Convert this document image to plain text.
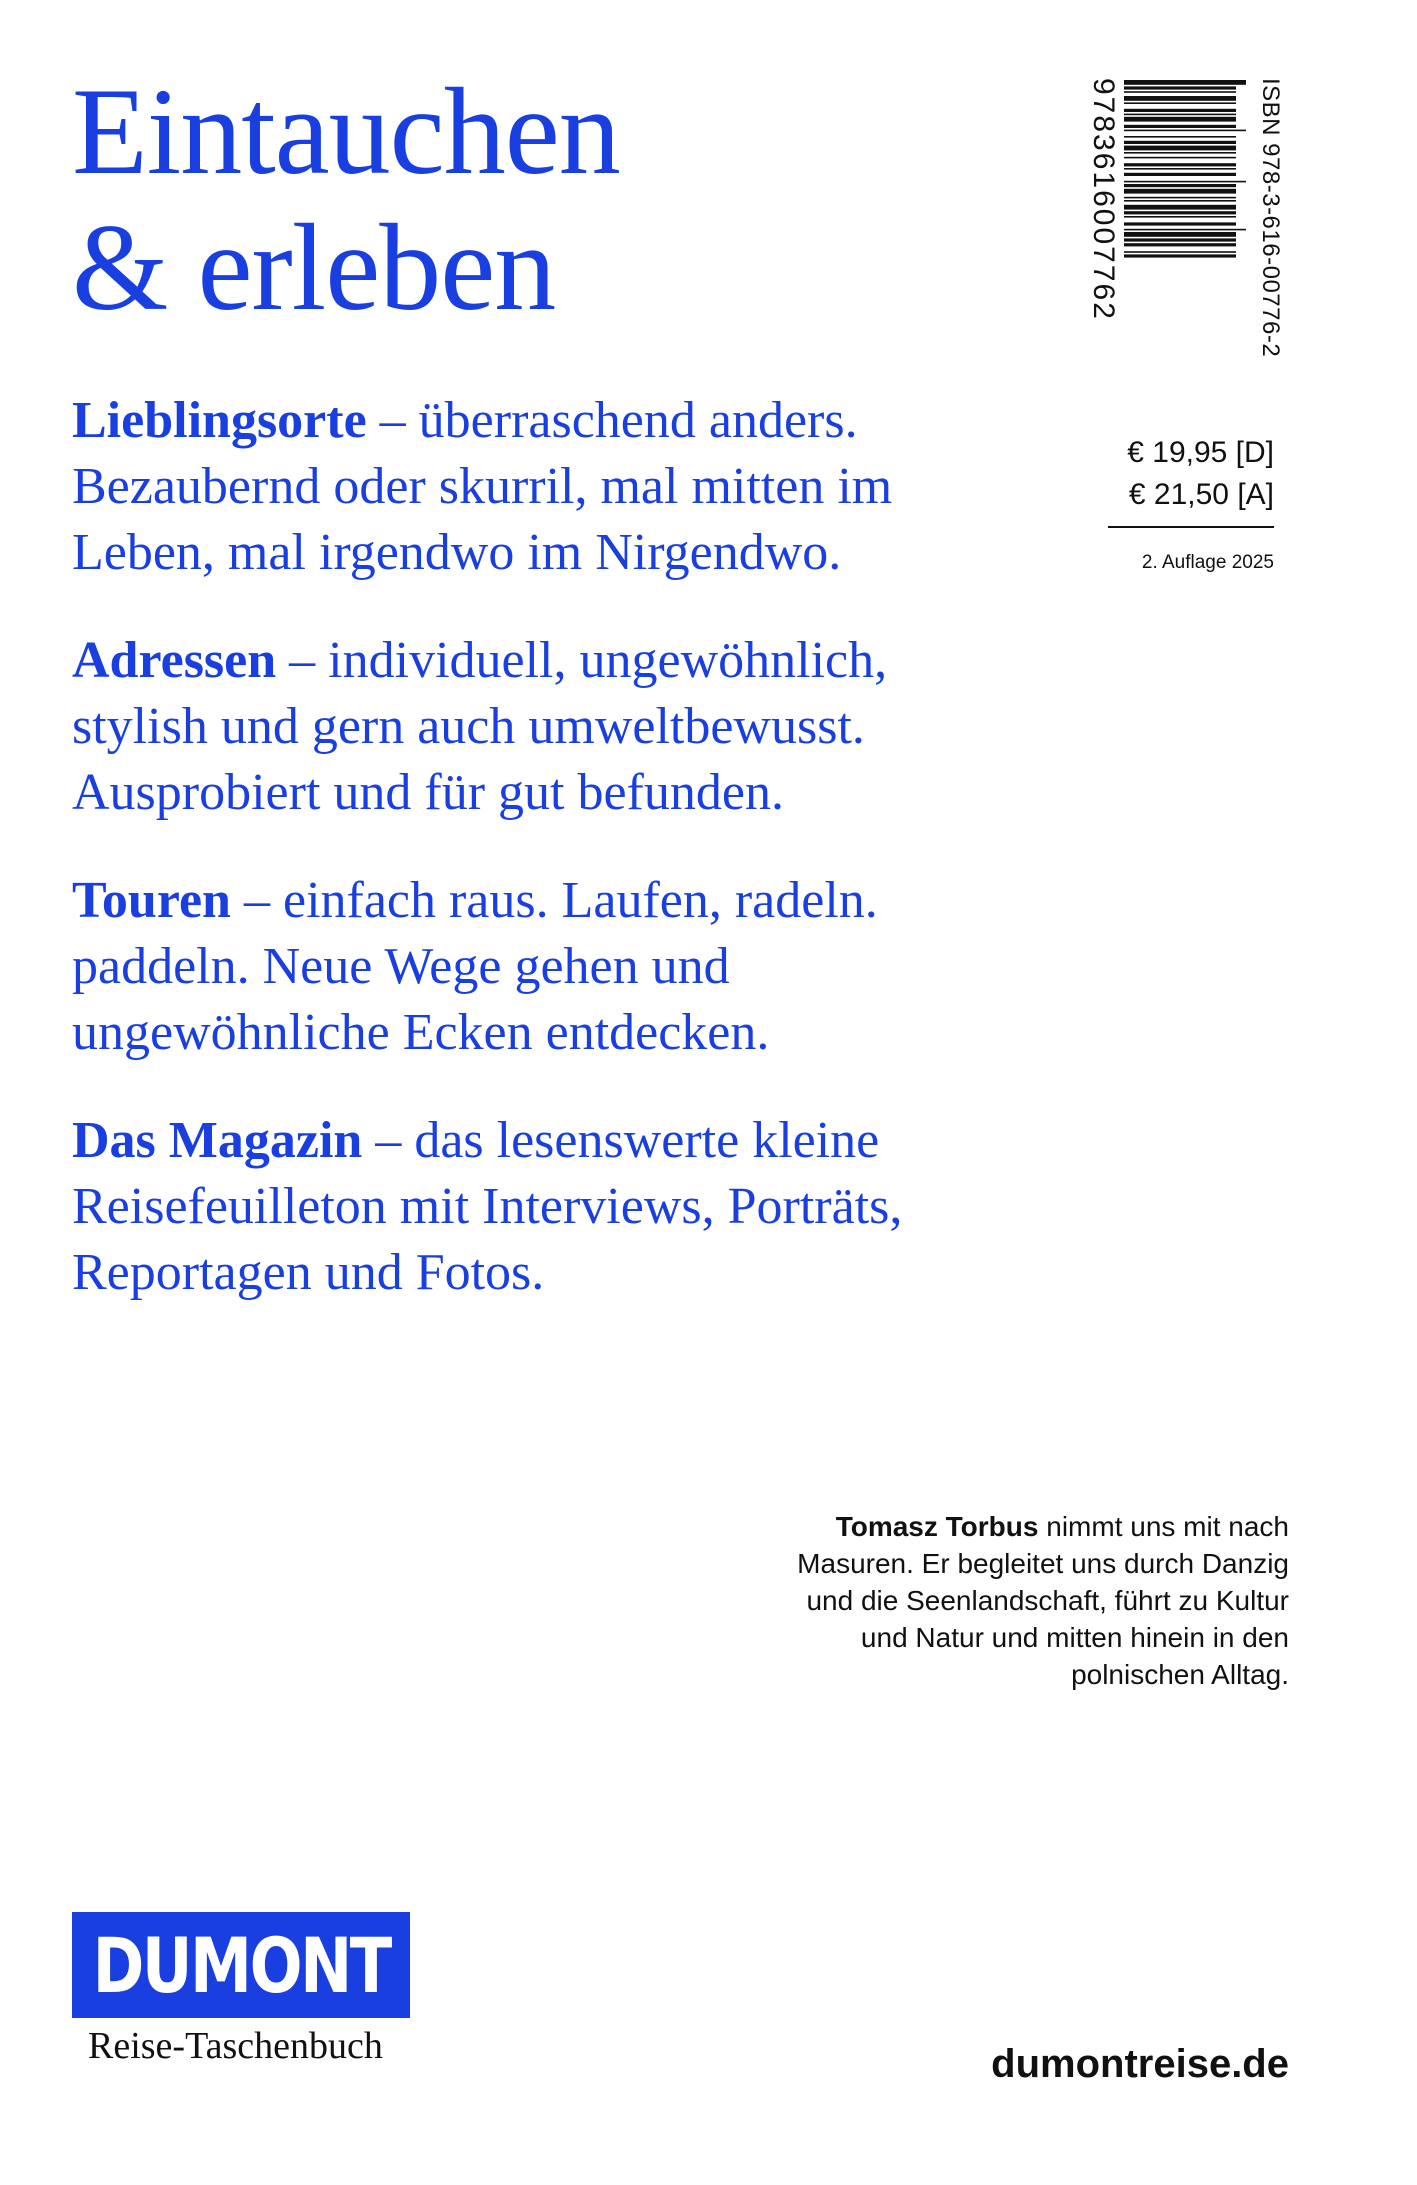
Eintauchen
& erleben

Lieblingsorte – überraschend anders. Bezaubernd oder skurril, mal mitten im Leben, mal irgendwo im Nirgendwo.

Adressen – individuell, ungewöhnlich, stylish und gern auch umweltbewusst. Ausprobiert und für gut befunden.

Touren – einfach raus. Laufen, radeln. paddeln. Neue Wege gehen und ungewöhnliche Ecken entdecken.

Das Magazin – das lesenswerte kleine Reisefeuilleton mit Interviews, Porträts, Reportagen und Fotos.

9783616007762	ISBN 978-3-616-00776-2
€ 19,95 [D]
€ 21,50 [A]
2. Auflage 2025
Tomasz Torbus nimmt uns mit nach Masuren. Er begleitet uns durch Danzig und die Seenlandschaft, führt zu Kultur und Natur und mitten hinein in den polnischen Alltag.
DUMONT
Reise-Taschenbuch	dumontreise.de
